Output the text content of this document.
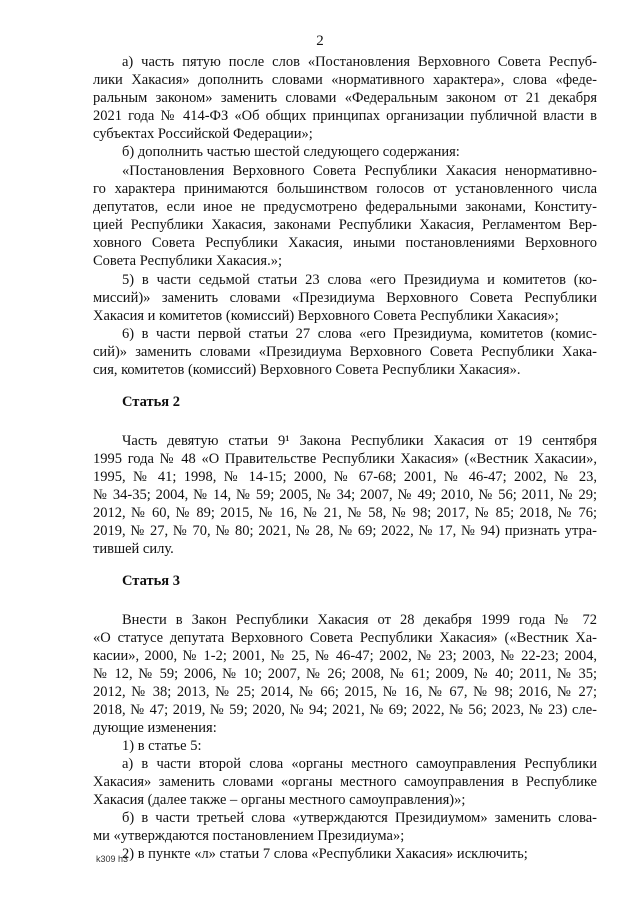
2
а) часть пятую после слов «Постановления Верховного Совета Респуб-
лики Хакасия» дополнить словами «нормативного характера», слова «феде-
ральным законом» заменить словами «Федеральным законом от 21 декабря
2021 года № 414-ФЗ «Об общих принципах организации публичной власти в
субъектах Российской Федерации»;
б) дополнить частью шестой следующего содержания:
«Постановления Верховного Совета Республики Хакасия ненормативно-
го характера принимаются большинством голосов от установленного числа
депутатов, если иное не предусмотрено федеральными законами, Конститу-
цией Республики Хакасия, законами Республики Хакасия, Регламентом Вер-
ховного Совета Республики Хакасия, иными постановлениями Верховного
Совета Республики Хакасия.»;
5) в части седьмой статьи 23 слова «его Президиума и комитетов (ко-
миссий)» заменить словами «Президиума Верховного Совета Республики
Хакасия и комитетов (комиссий) Верховного Совета Республики Хакасия»;
6) в части первой статьи 27 слова «его Президиума, комитетов (комис-
сий)» заменить словами «Президиума Верховного Совета Республики Хака-
сия, комитетов (комиссий) Верховного Совета Республики Хакасия».
Часть девятую статьи 9¹ Закона Республики Хакасия от 19 сентября
1995 года № 48 «О Правительстве Республики Хакасия» («Вестник Хакасии»,
1995, № 41; 1998, № 14-15; 2000, № 67-68; 2001, № 46-47; 2002, № 23,
№ 34-35; 2004, № 14, № 59; 2005, № 34; 2007, № 49; 2010, № 56; 2011, № 29;
2012, № 60, № 89; 2015, № 16, № 21, № 58, № 98; 2017, № 85; 2018, № 76;
2019, № 27, № 70, № 80; 2021, № 28, № 69; 2022, № 17, № 94) признать утра-
тившей силу.
Внести в Закон Республики Хакасия от 28 декабря 1999 года № 72
«О статусе депутата Верховного Совета Республики Хакасия» («Вестник Ха-
касии», 2000, № 1-2; 2001, № 25, № 46-47; 2002, № 23; 2003, № 22-23; 2004,
№ 12, № 59; 2006, № 10; 2007, № 26; 2008, № 61; 2009, № 40; 2011, № 35;
2012, № 38; 2013, № 25; 2014, № 66; 2015, № 16, № 67, № 98; 2016, № 27;
2018, № 47; 2019, № 59; 2020, № 94; 2021, № 69; 2022, № 56; 2023, № 23) сле-
дующие изменения:
1) в статье 5:
а) в части второй слова «органы местного самоуправления Республики
Хакасия» заменить словами «органы местного самоуправления в Республике
Хакасия (далее также – органы местного самоуправления)»;
б) в части третьей слова «утверждаются Президиумом» заменить слова-
ми «утверждаются постановлением Президиума»;
2) в пункте «л» статьи 7 слова «Республики Хакасия» исключить;
Статья 2
Статья 3
k309 h3
